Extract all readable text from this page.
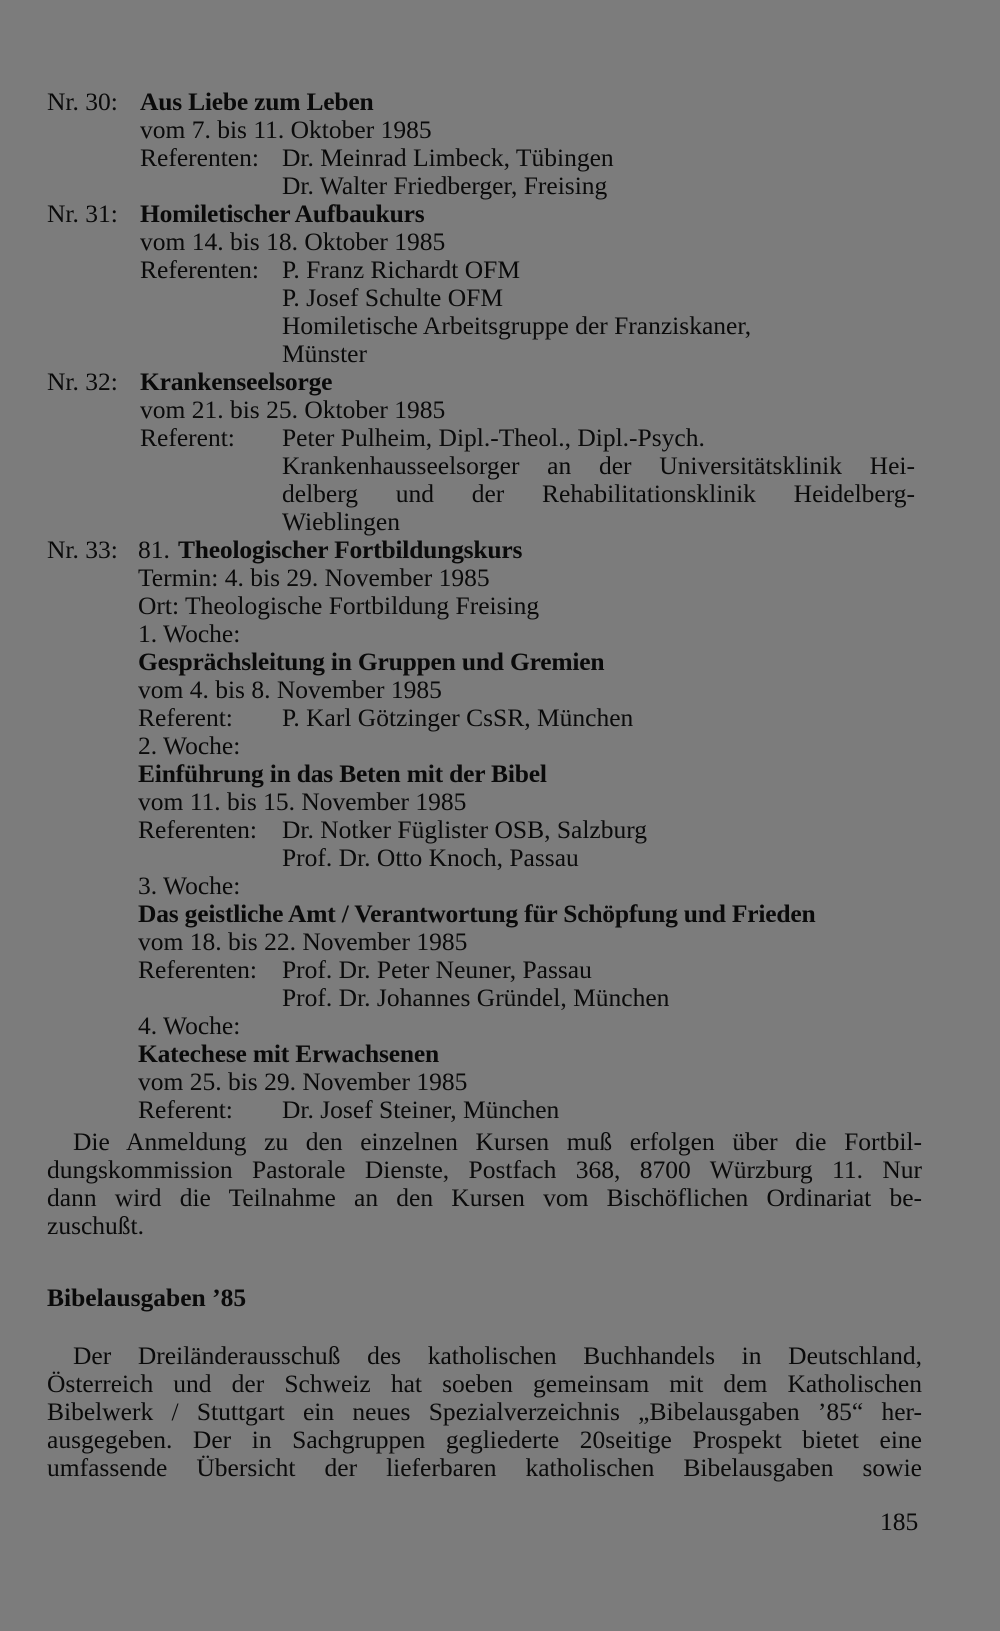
Nr. 30: Aus Liebe zum Leben
vom 7. bis 11. Oktober 1985
Referenten: Dr. Meinrad Limbeck, Tübingen
Dr. Walter Friedberger, Freising
Nr. 31: Homiletischer Aufbaukurs
vom 14. bis 18. Oktober 1985
Referenten: P. Franz Richardt OFM
P. Josef Schulte OFM
Homiletische Arbeitsgruppe der Franziskaner,
Münster
Nr. 32: Krankenseelsorge
vom 21. bis 25. Oktober 1985
Referent: Peter Pulheim, Dipl.-Theol., Dipl.-Psych.
Krankenhausseelsorger an der Universitätsklinik Hei-
delberg und der Rehabilitationsklinik Heidelberg-
Wieblingen
Nr. 33: 81. Theologischer Fortbildungskurs
Termin: 4. bis 29. November 1985
Ort: Theologische Fortbildung Freising
1. Woche:
Gesprächsleitung in Gruppen und Gremien
vom 4. bis 8. November 1985
Referent: P. Karl Götzinger CsSR, München
2. Woche:
Einführung in das Beten mit der Bibel
vom 11. bis 15. November 1985
Referenten: Dr. Notker Füglister OSB, Salzburg
Prof. Dr. Otto Knoch, Passau
3. Woche:
Das geistliche Amt / Verantwortung für Schöpfung und Frieden
vom 18. bis 22. November 1985
Referenten: Prof. Dr. Peter Neuner, Passau
Prof. Dr. Johannes Gründel, München
4. Woche:
Katechese mit Erwachsenen
vom 25. bis 29. November 1985
Referent: Dr. Josef Steiner, München
Die Anmeldung zu den einzelnen Kursen muß erfolgen über die Fortbil-
dungskommission Pastorale Dienste, Postfach 368, 8700 Würzburg 11. Nur
dann wird die Teilnahme an den Kursen vom Bischöflichen Ordinariat be-
zuschußt.
Bibelausgaben ’85
Der Dreiländerausschuß des katholischen Buchhandels in Deutschland,
Österreich und der Schweiz hat soeben gemeinsam mit dem Katholischen
Bibelwerk / Stuttgart ein neues Spezialverzeichnis „Bibelausgaben ’85“ her-
ausgegeben. Der in Sachgruppen gegliederte 20seitige Prospekt bietet eine
umfassende Übersicht der lieferbaren katholischen Bibelausgaben sowie
185
